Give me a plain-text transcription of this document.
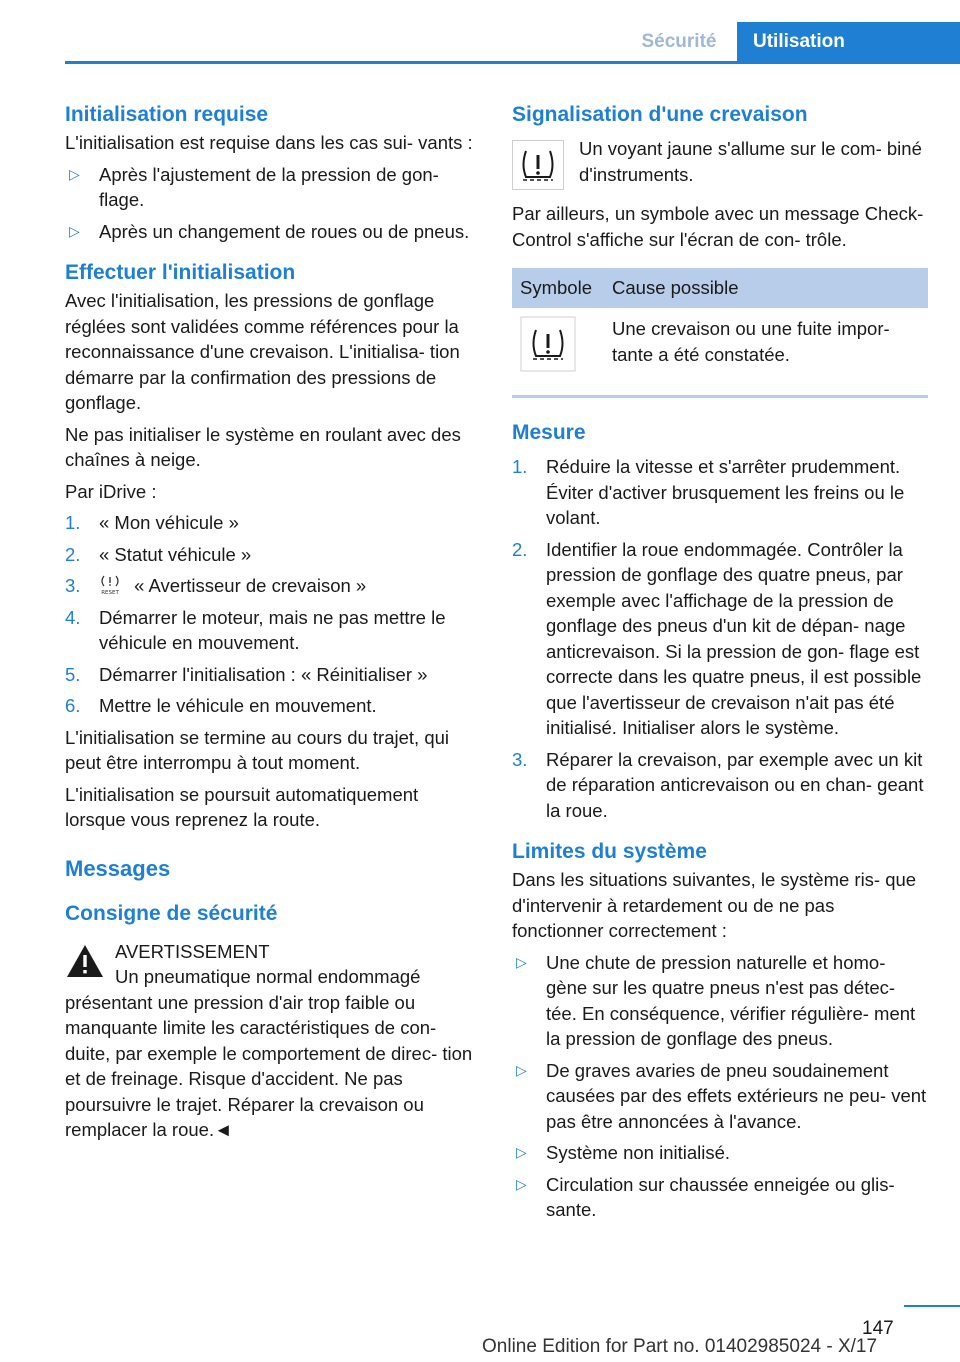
Sécurité	Utilisation
Initialisation requise

L'initialisation est requise dans les cas sui‐ vants :

▷ Après l'ajustement de la pression de gon‐ flage.
▷ Après un changement de roues ou de pneus.
Effectuer l'initialisation

Avec l'initialisation, les pressions de gonflage réglées sont validées comme références pour la reconnaissance d'une crevaison. L'initialisa‐ tion démarre par la confirmation des pressions de gonflage.

Ne pas initialiser le système en roulant avec des chaînes à neige.

Par iDrive :

1. « Mon véhicule »
2. « Statut véhicule »
3.	RESET « Avertisseur de crevaison »
4. Démarrer le moteur, mais ne pas mettre le véhicule en mouvement.
5. Démarrer l'initialisation : « Réinitialiser »
6. Mettre le véhicule en mouvement.

L'initialisation se termine au cours du trajet, qui peut être interrompu à tout moment.

L'initialisation se poursuit automatiquement lorsque vous reprenez la route.

Messages
Consigne de sécurité
AVERTISSEMENT
Un pneumatique normal endommagé

présentant une pression d'air trop faible ou manquante limite les caractéristiques de con‐ duite, par exemple le comportement de direc‐ tion et de freinage. Risque d'accident. Ne pas poursuivre le trajet. Réparer la crevaison ou remplacer la roue.◄

Signalisation d'une crevaison
Un voyant jaune s'allume sur le com‐ biné d'instruments.

Par ailleurs, un symbole avec un message Check-Control s'affiche sur l'écran de con‐ trôle.

Symbole	Cause possible
Une crevaison ou une fuite impor‐ tante a été constatée.
Mesure
1. Réduire la vitesse et s'arrêter prudemment. Éviter d'activer brusquement les freins ou le volant.
2. Identifier la roue endommagée. Contrôler la pression de gonflage des quatre pneus, par exemple avec l'affichage de la pression de gonflage des pneus d'un kit de dépan‐ nage anticrevaison. Si la pression de gon‐ flage est correcte dans les quatre pneus, il est possible que l'avertisseur de crevaison n'ait pas été initialisé. Initialiser alors le système.
3. Réparer la crevaison, par exemple avec un kit de réparation anticrevaison ou en chan‐ geant la roue.
Limites du système

Dans les situations suivantes, le système ris‐ que d'intervenir à retardement ou de ne pas fonctionner correctement :

▷ Une chute de pression naturelle et homo‐ gène sur les quatre pneus n'est pas détec‐ tée. En conséquence, vérifier régulière‐ ment la pression de gonflage des pneus.
▷ De graves avaries de pneu soudainement causées par des effets extérieurs ne peu‐ vent pas être annoncées à l'avance.
▷ Système non initialisé.
▷ Circulation sur chaussée enneigée ou glis‐ sante.
147
Online Edition for Part no. 01402985024 - X/17
